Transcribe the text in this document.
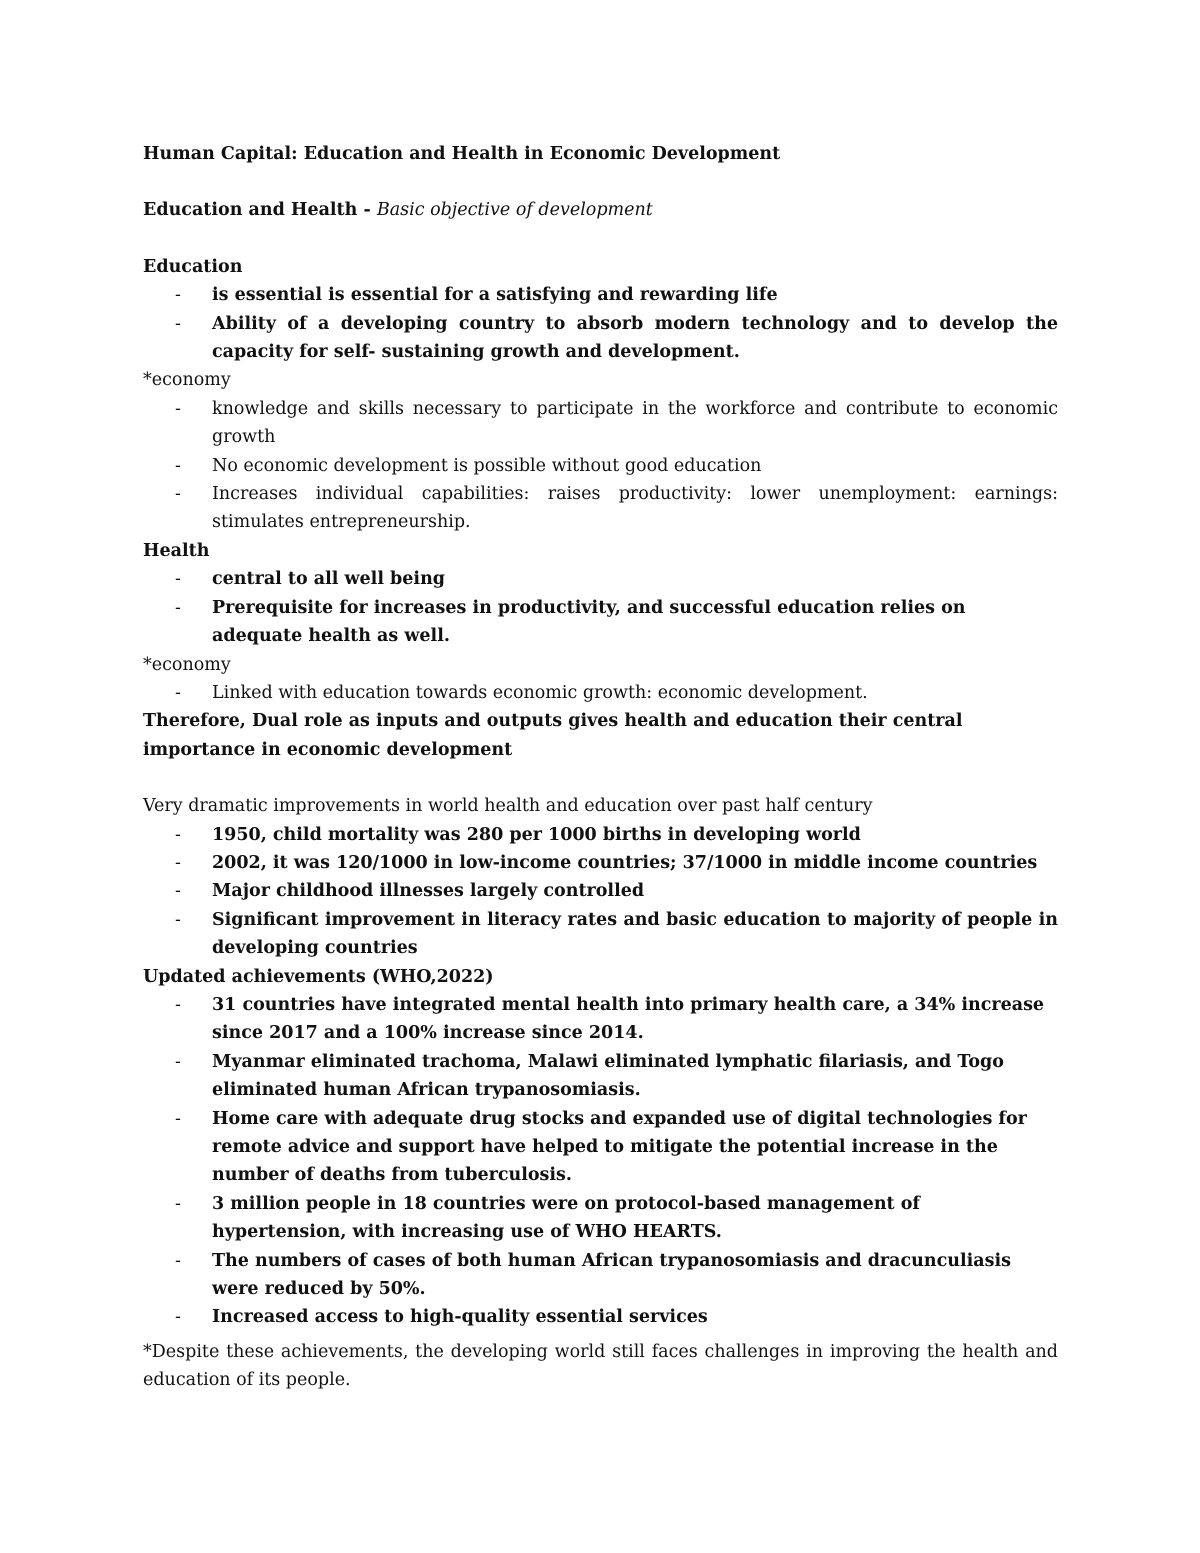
Human Capital: Education and Health in Economic Development

Education and Health - Basic objective of development

Education

- is essential is essential for a satisfying and rewarding life
- Ability of a developing country to absorb modern technology and to develop the capacity for self- sustaining growth and development.

*economy

- knowledge and skills necessary to participate in the workforce and contribute to economic growth
- No economic development is possible without good education
- Increases individual capabilities: raises productivity: lower unemployment: earnings: stimulates entrepreneurship.

Health

- central to all well being
- Prerequisite for increases in productivity, and successful education relies on adequate health as well.

*economy

- Linked with education towards economic growth: economic development.

Therefore, Dual role as inputs and outputs gives health and education their central importance in economic development

Very dramatic improvements in world health and education over past half century

- 1950, child mortality was 280 per 1000 births in developing world
- 2002, it was 120/1000 in low-income countries; 37/1000 in middle income countries
- Major childhood illnesses largely controlled
- Significant improvement in literacy rates and basic education to majority of people in developing countries

Updated achievements (WHO,2022)

- 31 countries have integrated mental health into primary health care, a 34% increase since 2017 and a 100% increase since 2014.
- Myanmar eliminated trachoma, Malawi eliminated lymphatic filariasis, and Togo eliminated human African trypanosomiasis.
- Home care with adequate drug stocks and expanded use of digital technologies for remote advice and support have helped to mitigate the potential increase in the number of deaths from tuberculosis.
- 3 million people in 18 countries were on protocol-based management of hypertension, with increasing use of WHO HEARTS.
- The numbers of cases of both human African trypanosomiasis and dracunculiasis were reduced by 50%.
- Increased access to high-quality essential services

*Despite these achievements, the developing world still faces challenges in improving the health and education of its people.
